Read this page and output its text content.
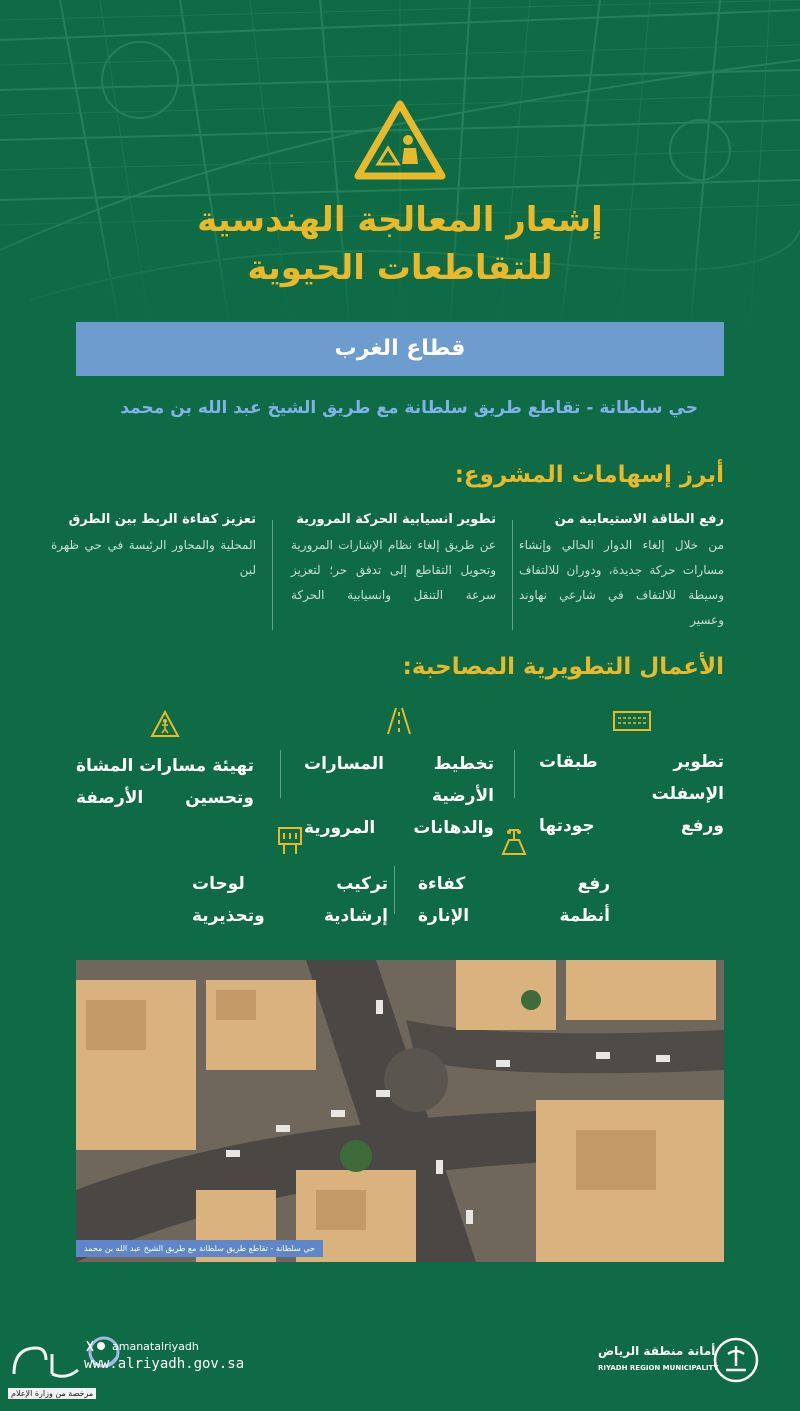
إشعار المعالجة الهندسية
للتقاطعات الحيوية
قطاع الغرب
حي سلطانة - تقاطع طريق سلطانة مع طريق الشيخ عبد الله بن محمد
أبرز إسهامات المشروع:
رفع الطاقة الاستيعابية من
من خلال إلغاء الدوار الحالي وإنشاء مسارات حركة جديدة، ودوران للالتفاف وسيطة للالتفاف في شارعي نهاوند وعسير
تطوير انسيابية الحركة المرورية
عن طريق إلغاء نظام الإشارات المرورية وتحويل التقاطع إلى تدفق حر؛ لتعزيز سرعة التنقل وانسيابية الحركة
تعزيز كفاءة الربط بين الطرق
المحلية والمحاور الرئيسة في حي ظهرة لبن
الأعمال التطويرية المصاحبة:
تطوير طبقات الإسفلت
ورفع جودتها
تخطيط المسارات الأرضية
والدهانات المرورية
تهيئة مسارات المشاة
وتحسين الأرصفة
رفع كفاءة
أنظمة الإنارة
تركيب لوحات
إرشادية وتحذيرية
حي سلطانة - تقاطع طريق سلطانة مع طريق الشيخ عبد الله بن محمد
مرخصة من وزارة الإعلام
amanatalriyadh
www.alriyadh.gov.sa
أمانة منطقة الرياض
RIYADH REGION MUNICIPALITY
